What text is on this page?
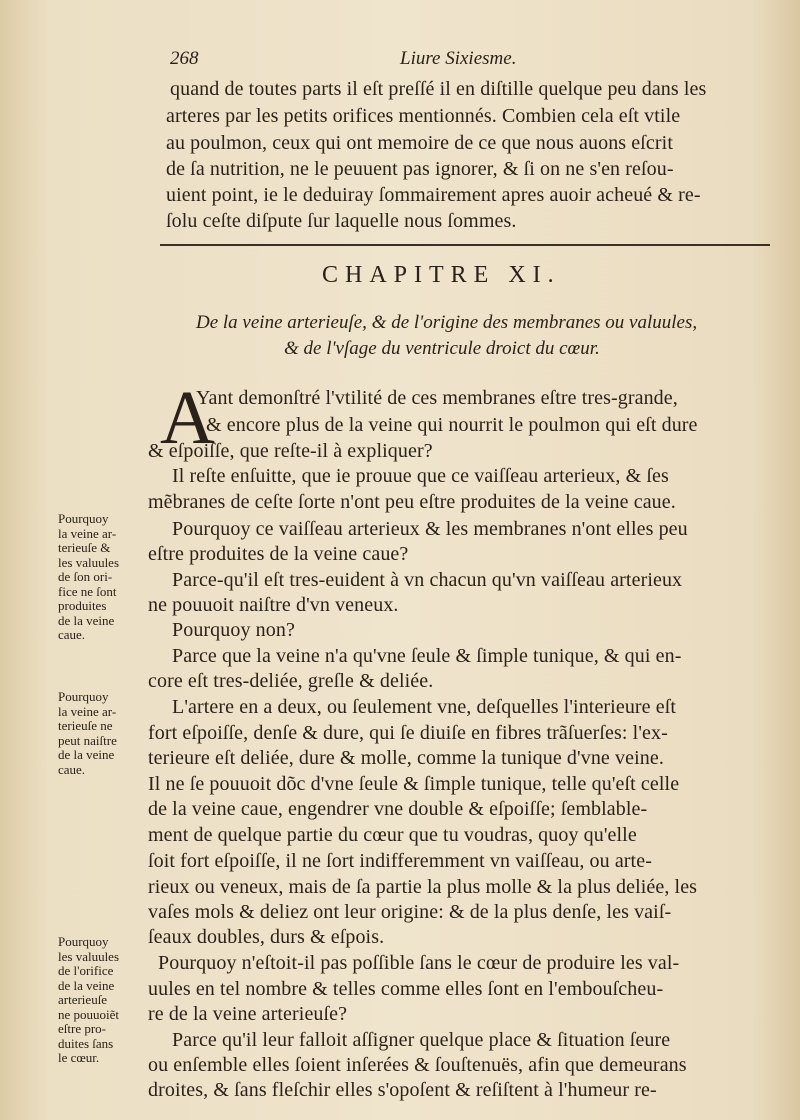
268	Liure Sixiesme.
quand de toutes parts il eſt preſſé il en diſtille quelque peu dans les
arteres par les petits orifices mentionnés. Combien cela eſt vtile
au poulmon, ceux qui ont memoire de ce que nous auons eſcrit
de ſa nutrition, ne le peuuent pas ignorer, & ſi on ne s'en reſou-
uient point, ie le deduiray ſommairement apres auoir acheué & re-
ſolu ceſte diſpute ſur laquelle nous ſommes.
CHAPITRE XI.
De la veine arterieuſe, & de l'origine des membranes ou valuules,
& de l'vſage du ventricule droict du cœur.
A
Yant demonſtré l'vtilité de ces membranes eſtre tres-grande,
& encore plus de la veine qui nourrit le poulmon qui eſt dure
& eſpoiſſe, que reſte-il à expliquer?
Il reſte enſuitte, que ie prouue que ce vaiſſeau arterieux, & ſes
mẽbranes de ceſte ſorte n'ont peu eſtre produites de la veine caue.
Pourquoy ce vaiſſeau arterieux & les membranes n'ont elles peu
eſtre produites de la veine caue?
Parce-qu'il eſt tres-euident à vn chacun qu'vn vaiſſeau arterieux
ne pouuoit naiſtre d'vn veneux.
Pourquoy non?
Parce que la veine n'a qu'vne ſeule & ſimple tunique, & qui en-
core eſt tres-deliée, greſle & deliée.
L'artere en a deux, ou ſeulement vne, deſquelles l'interieure eſt
fort eſpoiſſe, denſe & dure, qui ſe diuiſe en fibres trãſuerſes: l'ex-
terieure eſt deliée, dure & molle, comme la tunique d'vne veine.
Il ne ſe pouuoit dõc d'vne ſeule & ſimple tunique, telle qu'eſt celle
de la veine caue, engendrer vne double & eſpoiſſe; ſemblable-
ment de quelque partie du cœur que tu voudras, quoy qu'elle
ſoit fort eſpoiſſe, il ne ſort indifferemment vn vaiſſeau, ou arte-
rieux ou veneux, mais de ſa partie la plus molle & la plus deliée, les
vaſes mols & deliez ont leur origine: & de la plus denſe, les vaiſ-
ſeaux doubles, durs & eſpois.
Pourquoy n'eſtoit-il pas poſſible ſans le cœur de produire les val-
uules en tel nombre & telles comme elles ſont en l'embouſcheu-
re de la veine arterieuſe?
Parce qu'il leur falloit aſſigner quelque place & ſituation ſeure
ou enſemble elles ſoient inſerées & ſouſtenuës, afin que demeurans
droites, & ſans fleſchir elles s'opoſent & reſiſtent à l'humeur re-
Pourquoy
la veine ar-
terieuſe &
les valuules
de ſon ori-
fice ne ſont
produites
de la veine
caue.
Pourquoy
la veine ar-
terieuſe ne
peut naiſtre
de la veine
caue.
Pourquoy
les valuules
de l'orifice
de la veine
arterieuſe
ne pouuoiẽt
eſtre pro-
duites ſans
le cœur.
